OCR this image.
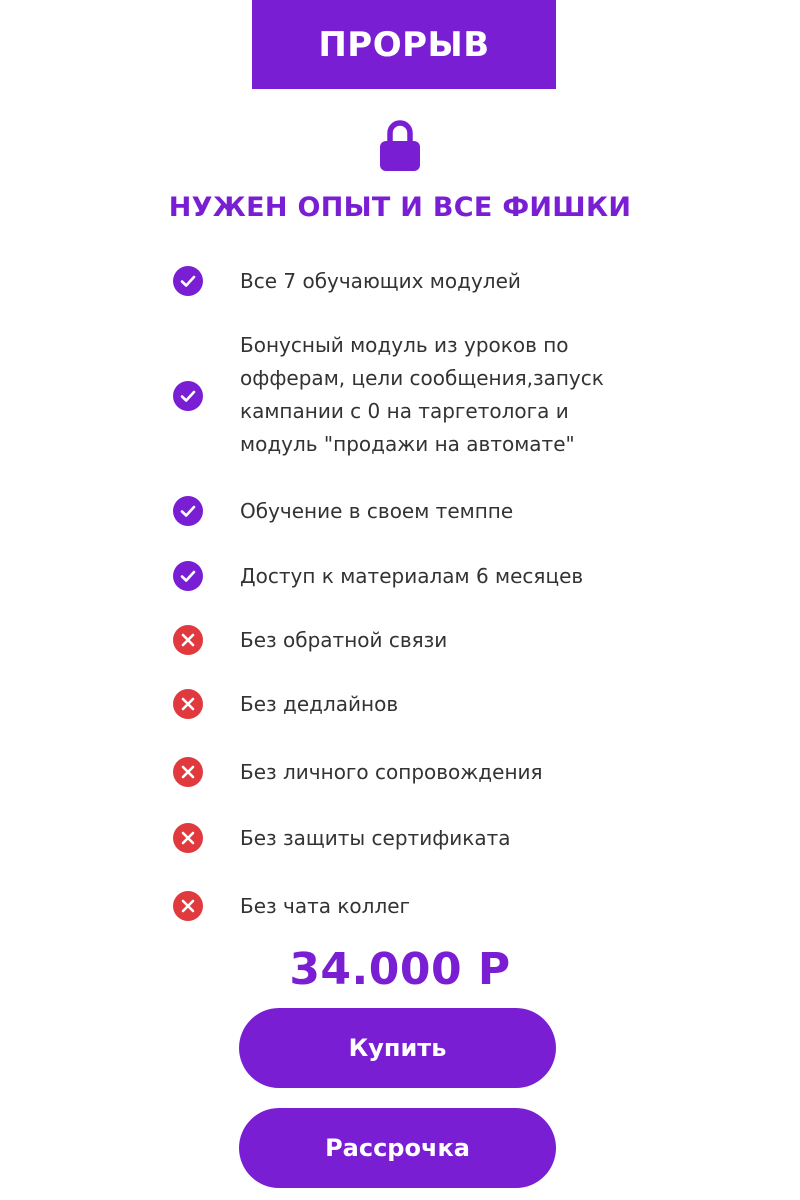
ПРОРЫВ
НУЖЕН ОПЫТ И ВСЕ ФИШКИ
Все 7 обучающих модулей
Бонусный модуль из уроков по
офферам, цели сообщения,запуск
кампании с 0 на таргетолога и
модуль "продажи на автомате"
Обучение в своем темппе
Доступ к материалам 6 месяцев
Без обратной связи
Без дедлайнов
Без личного сопровождения
Без защиты сертификата
Без чата коллег
34.000 Р
Купить
Рассрочка
